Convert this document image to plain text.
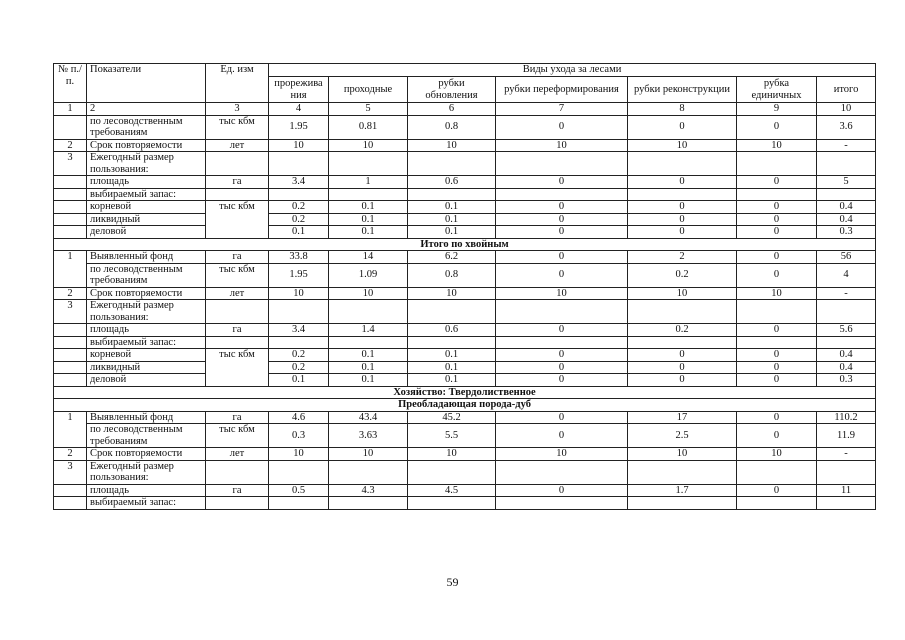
№ п./п.	Показатели	Ед. изм	Виды ухода за лесами						
			прорежива ния	проходные	рубки обновления	рубки переформирования	рубки реконструкции	рубка единичных	итого
1	2	3	4	5	6	7	8	9	10
	по лесоводственным требованиям	тыс кбм	1.95	0.81	0.8	0	0	0	3.6
2	Срок повторяемости	лет	10	10	10	10	10	10	-
3	Ежегодный размер пользования:								
	площадь	га	3.4	1	0.6	0	0	0	5
	выбираемый запас:								
	корневой	тыс кбм	0.2	0.1	0.1	0	0	0	0.4
	ликвидный		0.2	0.1	0.1	0	0	0	0.4
	деловой		0.1	0.1	0.1	0	0	0	0.3
Итого по хвойным									
1	Выявленный фонд	га	33.8	14	6.2	0	2	0	56
	по лесоводственным требованиям	тыс кбм	1.95	1.09	0.8	0	0.2	0	4
2	Срок повторяемости	лет	10	10	10	10	10	10	-
3	Ежегодный размер пользования:								
	площадь	га	3.4	1.4	0.6	0	0.2	0	5.6
	выбираемый запас:								
	корневой	тыс кбм	0.2	0.1	0.1	0	0	0	0.4
	ликвидный		0.2	0.1	0.1	0	0	0	0.4
	деловой		0.1	0.1	0.1	0	0	0	0.3
Хозяйство: Твердолиственное									
Преобладающая порода-дуб									
1	Выявленный фонд	га	4.6	43.4	45.2	0	17	0	110.2
	по лесоводственным требованиям	тыс кбм	0.3	3.63	5.5	0	2.5	0	11.9
2	Срок повторяемости	лет	10	10	10	10	10	10	-
3	Ежегодный размер пользования:								
	площадь	га	0.5	4.3	4.5	0	1.7	0	11
	выбираемый запас:								
59
